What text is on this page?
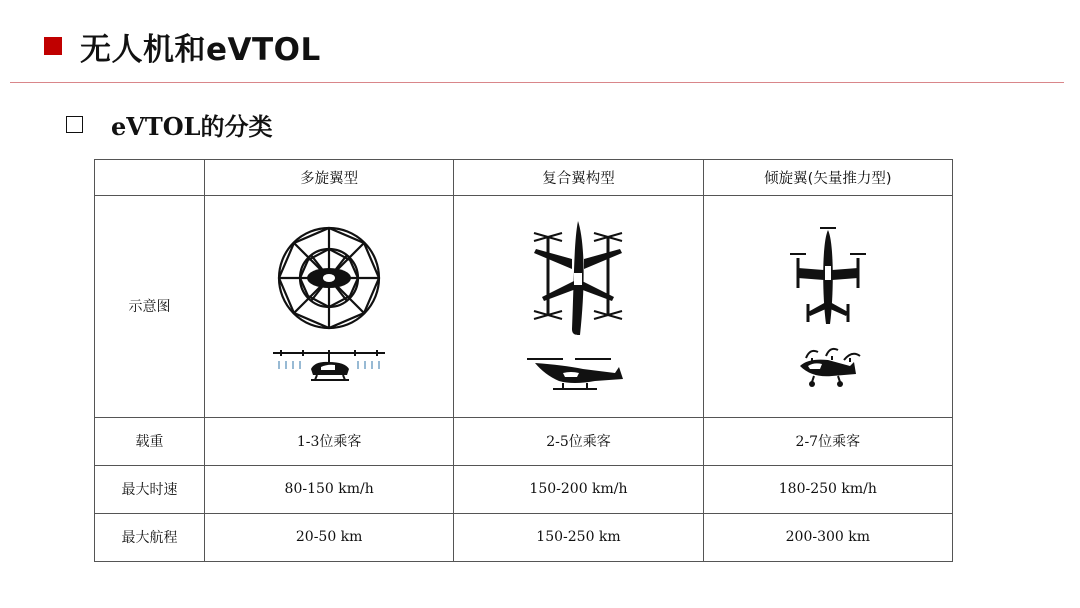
无人机和eVTOL
eVTOL的分类
	多旋翼型	复合翼构型	倾旋翼(矢量推力型)
示意图	

载重	1-3位乘客	2-5位乘客	2-7位乘客
最大时速	80-150 km/h	150-200 km/h	180-250 km/h
最大航程	20-50 km	150-250 km	200-300 km
